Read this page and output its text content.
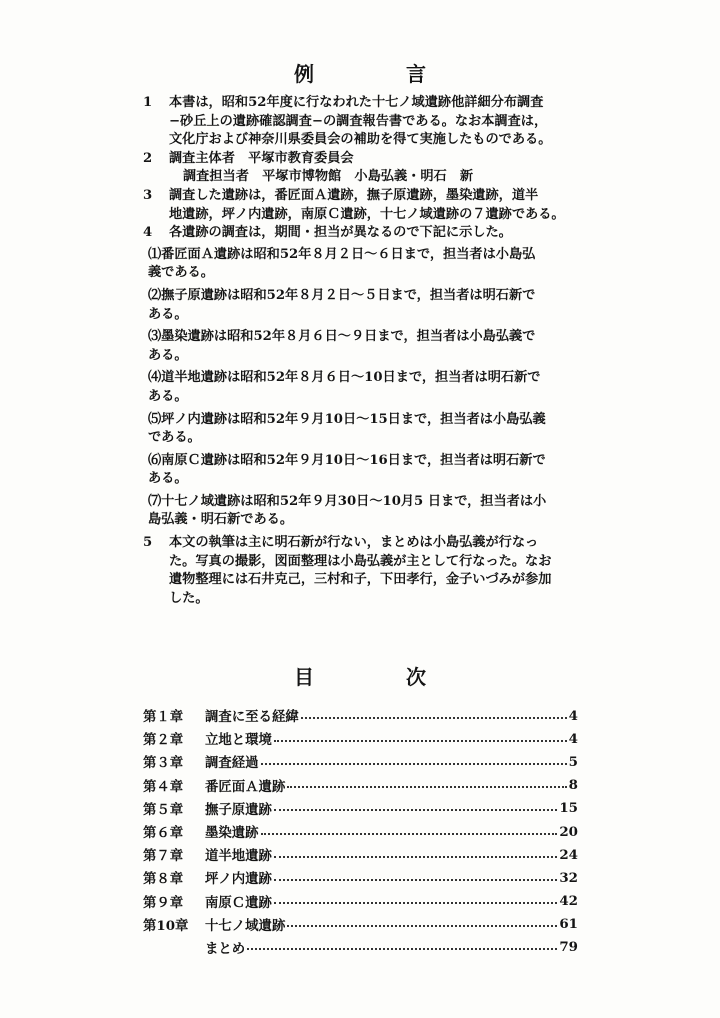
例　言
1	本書は，昭和52年度に行なわれた十七ノ域遺跡他詳細分布調査
−砂丘上の遺跡確認調査−の調査報告書である。なお本調査は，
文化庁および神奈川県委員会の補助を得て実施したものである。
2	調査主体者　平塚市教育委員会
調査担当者　平塚市博物館　小島弘義・明石　新
3	調査した遺跡は，番匠面Ａ遺跡，撫子原遺跡，墨染遺跡，道半
地遺跡，坪ノ内遺跡，南原Ｃ遺跡，十七ノ域遺跡の７遺跡である。
4	各遺跡の調査は，期間・担当が異なるので下記に示した。
⑴番匠面Ａ遺跡は昭和52年８月２日〜６日まで，担当者は小島弘
義である。
⑵撫子原遺跡は昭和52年８月２日〜５日まで，担当者は明石新で
ある。
⑶墨染遺跡は昭和52年８月６日〜９日まで，担当者は小島弘義で
ある。
⑷道半地遺跡は昭和52年８月６日〜10日まで，担当者は明石新で
ある。
⑸坪ノ内遺跡は昭和52年９月10日〜15日まで，担当者は小島弘義
である。
⑹南原Ｃ遺跡は昭和52年９月10日〜16日まで，担当者は明石新で
ある。
⑺十七ノ域遺跡は昭和52年９月30日〜10月5 日まで，担当者は小
島弘義・明石新である。
5	本文の執筆は主に明石新が行ない，まとめは小島弘義が行なっ
た。写真の撮影，図面整理は小島弘義が主として行なった。なお
遺物整理には石井克己，三村和子，下田孝行，金子いづみが参加
した。
目　次
第１章	調査に至る経緯	4
第２章	立地と環境	4
第３章	調査経過	5
第４章	番匠面Ａ遺跡	8
第５章	撫子原遺跡	15
第６章	墨染遺跡	20
第７章	道半地遺跡	24
第８章	坪ノ内遺跡	32
第９章	南原Ｃ遺跡	42
第10章	十七ノ域遺跡	61
まとめ	79
